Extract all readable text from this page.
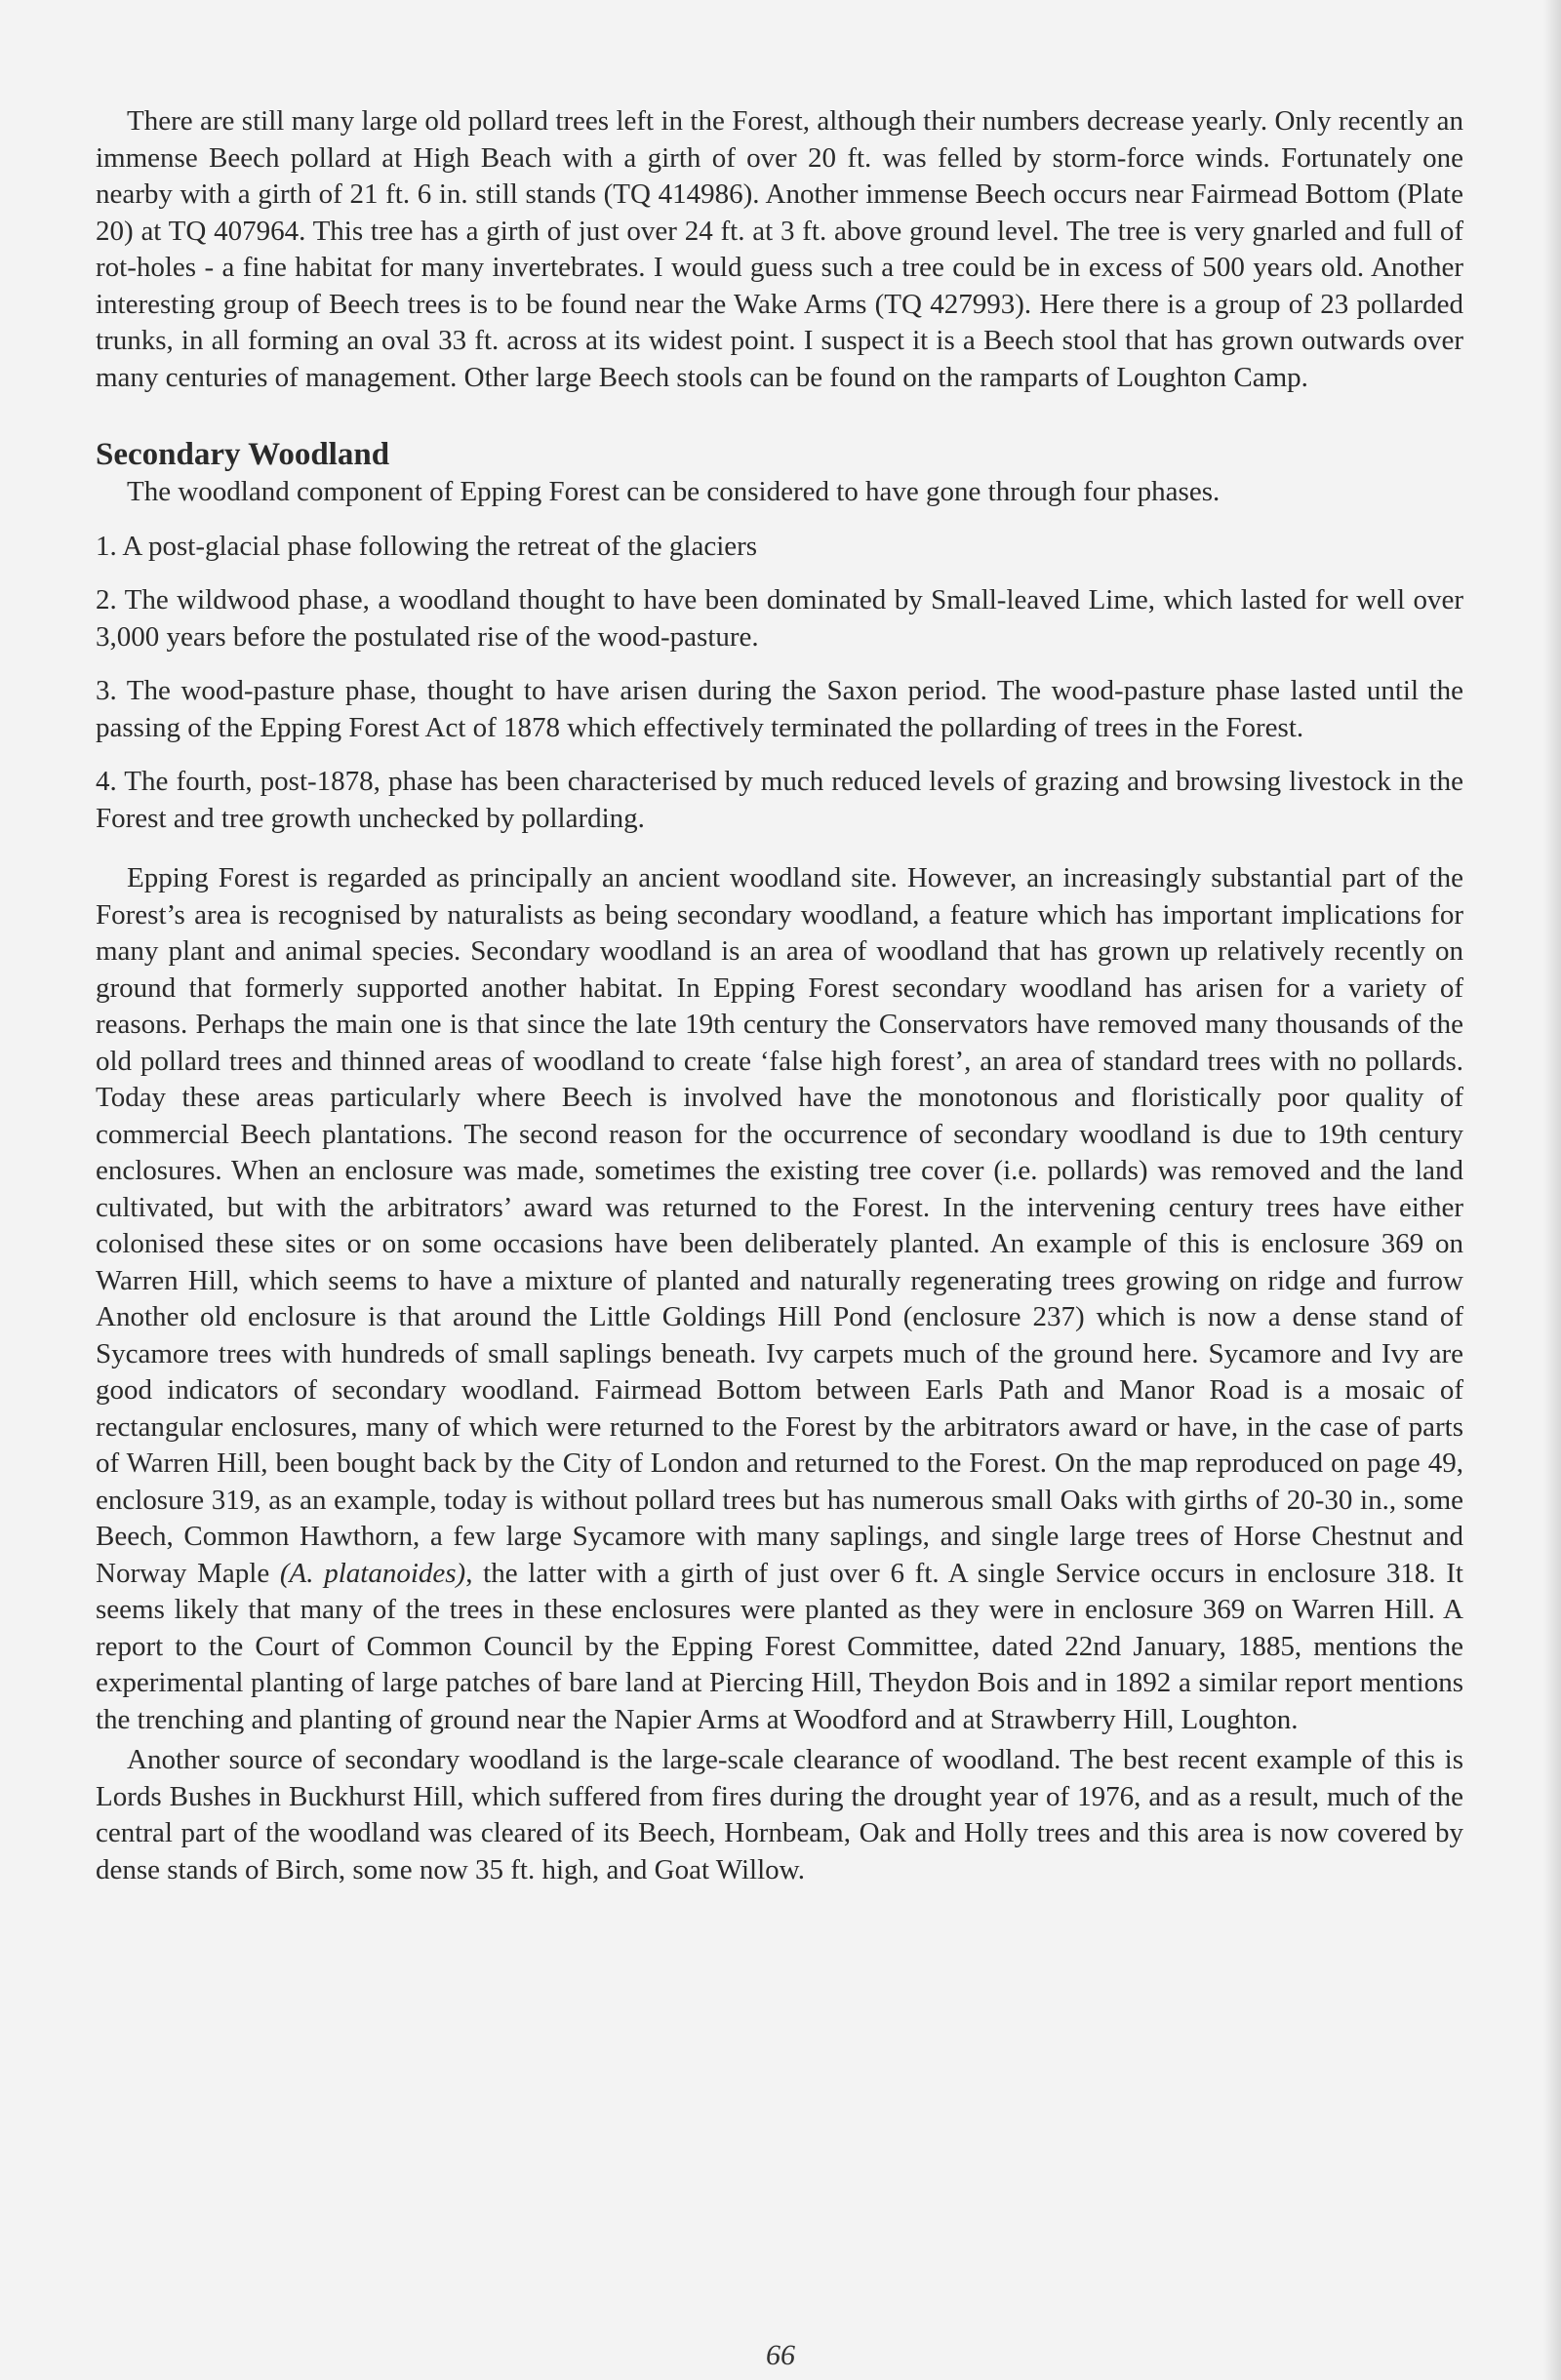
There are still many large old pollard trees left in the Forest, although their numbers decrease yearly. Only recently an immense Beech pollard at High Beach with a girth of over 20 ft. was felled by storm-force winds. Fortunately one nearby with a girth of 21 ft. 6 in. still stands (TQ 414986). Another immense Beech occurs near Fairmead Bottom (Plate 20) at TQ 407964. This tree has a girth of just over 24 ft. at 3 ft. above ground level. The tree is very gnarled and full of rot-holes - a fine habitat for many invertebrates. I would guess such a tree could be in excess of 500 years old. Another interesting group of Beech trees is to be found near the Wake Arms (TQ 427993). Here there is a group of 23 pollarded trunks, in all forming an oval 33 ft. across at its widest point. I suspect it is a Beech stool that has grown outwards over many centuries of management. Other large Beech stools can be found on the ramparts of Loughton Camp.

Secondary Woodland

The woodland component of Epping Forest can be considered to have gone through four phases.

1. A post-glacial phase following the retreat of the glaciers

2. The wildwood phase, a woodland thought to have been dominated by Small-leaved Lime, which lasted for well over 3,000 years before the postulated rise of the wood-pasture.

3. The wood-pasture phase, thought to have arisen during the Saxon period. The wood-pasture phase lasted until the passing of the Epping Forest Act of 1878 which effectively terminated the pollarding of trees in the Forest.

4. The fourth, post-1878, phase has been characterised by much reduced levels of grazing and browsing livestock in the Forest and tree growth unchecked by pollarding.

Epping Forest is regarded as principally an ancient woodland site. However, an increasingly substantial part of the Forest’s area is recognised by naturalists as being secondary woodland, a feature which has important implications for many plant and animal species. Secondary woodland is an area of woodland that has grown up relatively recently on ground that formerly supported another habitat. In Epping Forest secondary woodland has arisen for a variety of reasons. Perhaps the main one is that since the late 19th century the Conservators have removed many thousands of the old pollard trees and thinned areas of woodland to create ‘false high forest’, an area of standard trees with no pollards. Today these areas particularly where Beech is involved have the monotonous and floristically poor quality of commercial Beech plantations. The second reason for the occurrence of secondary woodland is due to 19th century enclosures. When an enclosure was made, sometimes the existing tree cover (i.e. pollards) was removed and the land cultivated, but with the arbitrators’ award was returned to the Forest. In the intervening century trees have either colonised these sites or on some occasions have been deliberately planted. An example of this is enclosure 369 on Warren Hill, which seems to have a mixture of planted and naturally regenerating trees growing on ridge and furrow Another old enclosure is that around the Little Goldings Hill Pond (enclosure 237) which is now a dense stand of Sycamore trees with hundreds of small saplings beneath. Ivy carpets much of the ground here. Sycamore and Ivy are good indicators of secondary woodland. Fairmead Bottom between Earls Path and Manor Road is a mosaic of rectangular enclosures, many of which were returned to the Forest by the arbitrators award or have, in the case of parts of Warren Hill, been bought back by the City of London and returned to the Forest. On the map reproduced on page 49, enclosure 319, as an example, today is without pollard trees but has numerous small Oaks with girths of 20-30 in., some Beech, Common Hawthorn, a few large Sycamore with many saplings, and single large trees of Horse Chestnut and Norway Maple (A. platanoides), the latter with a girth of just over 6 ft. A single Service occurs in enclosure 318. It seems likely that many of the trees in these enclosures were planted as they were in enclosure 369 on Warren Hill. A report to the Court of Common Council by the Epping Forest Committee, dated 22nd January, 1885, mentions the experimental planting of large patches of bare land at Piercing Hill, Theydon Bois and in 1892 a similar report mentions the trenching and planting of ground near the Napier Arms at Woodford and at Strawberry Hill, Loughton.

Another source of secondary woodland is the large-scale clearance of woodland. The best recent example of this is Lords Bushes in Buckhurst Hill, which suffered from fires during the drought year of 1976, and as a result, much of the central part of the woodland was cleared of its Beech, Hornbeam, Oak and Holly trees and this area is now covered by dense stands of Birch, some now 35 ft. high, and Goat Willow.

66
